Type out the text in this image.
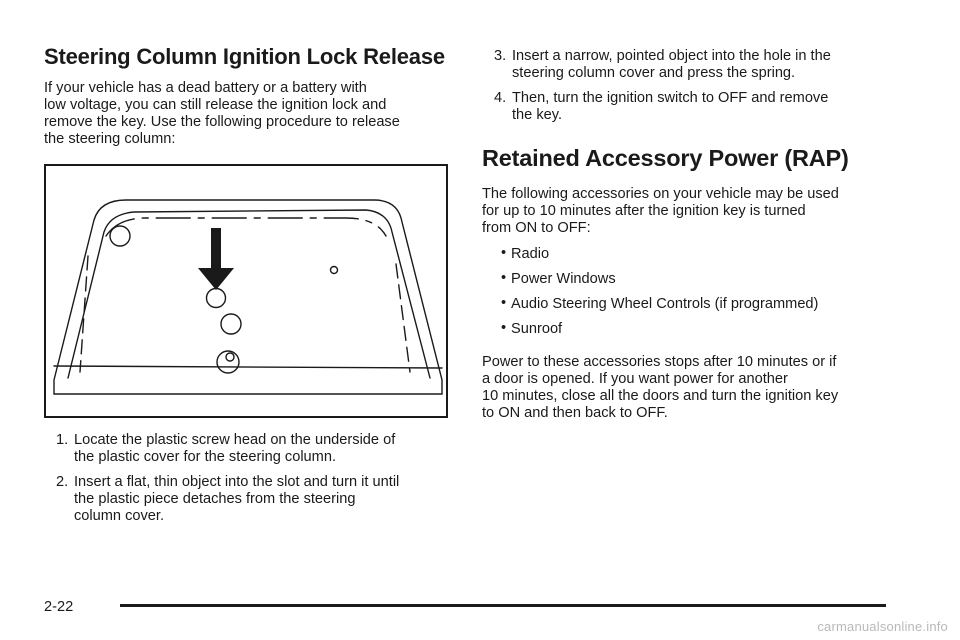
Steering Column Ignition Lock Release

If your vehicle has a dead battery or a battery with

low voltage, you can still release the ignition lock and

remove the key. Use the following procedure to release

the steering column:

1. Locate the plastic screw head on the underside of

the plastic cover for the steering column.

2. Insert a flat, thin object into the slot and turn it until

the plastic piece detaches from the steering

column cover.

3. Insert a narrow, pointed object into the hole in the

steering column cover and press the spring.

4. Then, turn the ignition switch to OFF and remove

the key.

Retained Accessory Power (RAP)

The following accessories on your vehicle may be used

for up to 10 minutes after the ignition key is turned

from ON to OFF:

• Radio
• Power Windows
• Audio Steering Wheel Controls (if programmed)
• Sunroof

Power to these accessories stops after 10 minutes or if

a door is opened. If you want power for another

10 minutes, close all the doors and turn the ignition key

to ON and then back to OFF.

2-22
carmanualsonline.info
